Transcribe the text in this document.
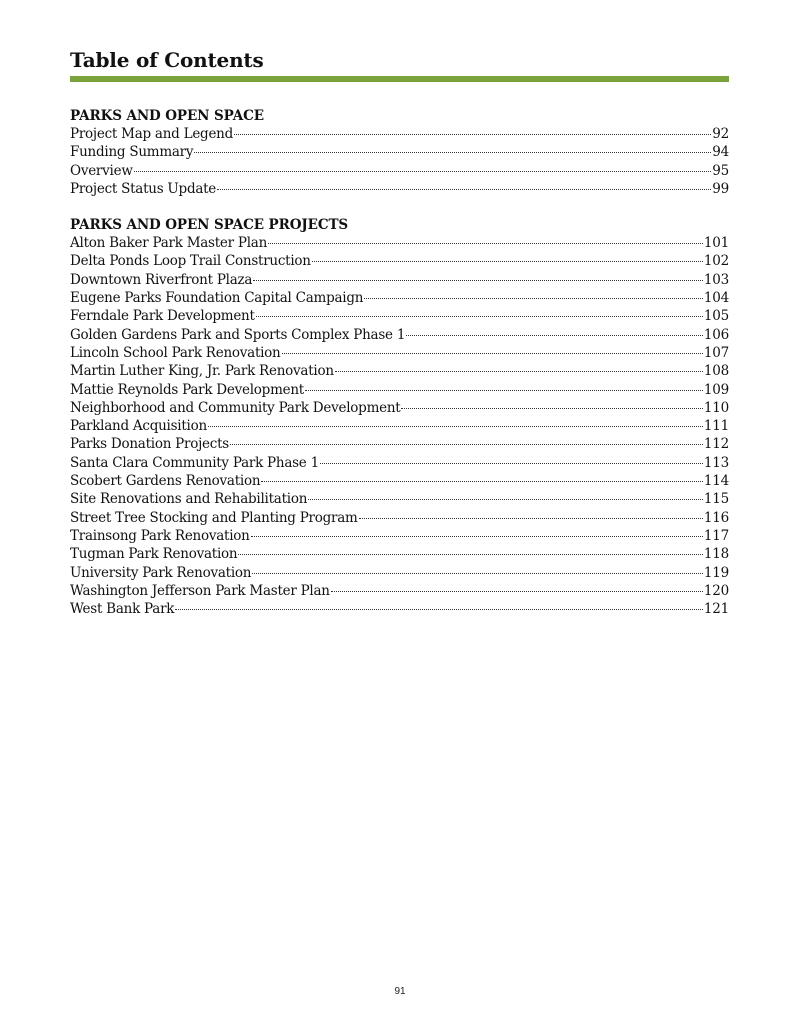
Table of Contents
PARKS AND OPEN SPACE
Project Map and Legend	92
Funding Summary	94
Overview	95
Project Status Update	99
PARKS AND OPEN SPACE PROJECTS
Alton Baker Park Master Plan	101
Delta Ponds Loop Trail Construction	102
Downtown Riverfront Plaza	103
Eugene Parks Foundation Capital Campaign	104
Ferndale Park Development	105
Golden Gardens Park and Sports Complex Phase 1	106
Lincoln School Park Renovation	107
Martin Luther King, Jr. Park Renovation	108
Mattie Reynolds Park Development	109
Neighborhood and Community Park Development	110
Parkland Acquisition	111
Parks Donation Projects	112
Santa Clara Community Park Phase 1	113
Scobert Gardens Renovation	114
Site Renovations and Rehabilitation	115
Street Tree Stocking and Planting Program	116
Trainsong Park Renovation	117
Tugman Park Renovation	118
University Park Renovation	119
Washington Jefferson Park Master Plan	120
West Bank Park	121
91
